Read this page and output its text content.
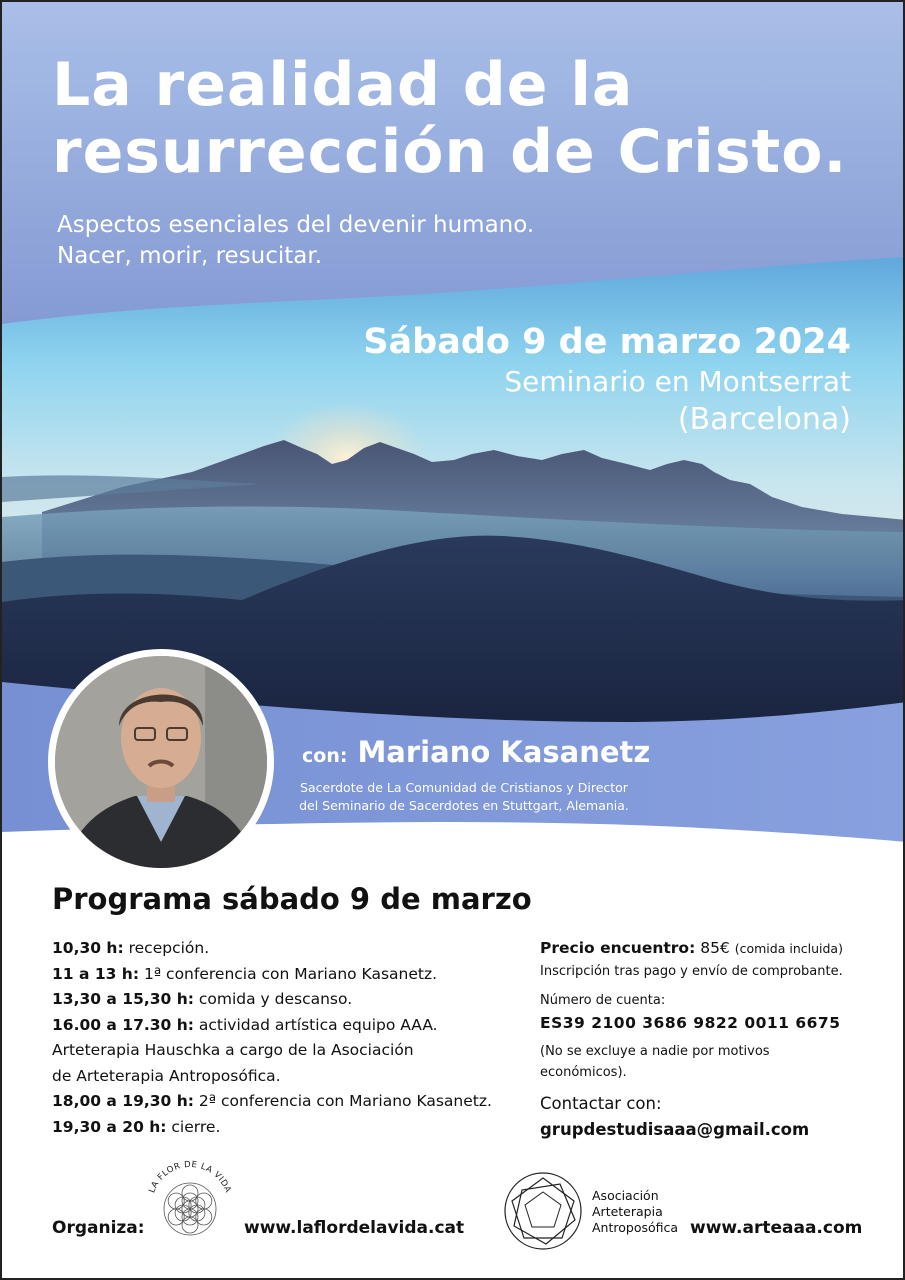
La realidad de la
resurrección de Cristo.
Aspectos esenciales del devenir humano.
Nacer, morir, resucitar.
Sábado 9 de marzo 2024
Seminario en Montserrat
(Barcelona)
con: Mariano Kasanetz
Sacerdote de La Comunidad de Cristianos y Director
del Seminario de Sacerdotes en Stuttgart, Alemania.
Programa sábado 9 de marzo
10,30 h: recepción.
11 a 13 h: 1ª conferencia con Mariano Kasanetz.
13,30 a 15,30 h: comida y descanso.
16.00 a 17.30 h: actividad artística equipo AAA.
Arteterapia Hauschka a cargo de la Asociación
de Arteterapia Antroposófica.
18,00 a 19,30 h: 2ª conferencia con Mariano Kasanetz.
19,30 a 20 h: cierre.
Precio encuentro: 85€ (comida incluida)
Inscripción tras pago y envío de comprobante.
Número de cuenta:
ES39 2100 3686 9822 0011 6675
(No se excluye a nadie por motivos
económicos).
Contactar con:
grupdestudisaaa@gmail.com
Organiza:
LA FLOR DE LA VIDA
www.laflordelavida.cat
Asociación
Arteterapia
Antroposófica www.arteaaa.com
